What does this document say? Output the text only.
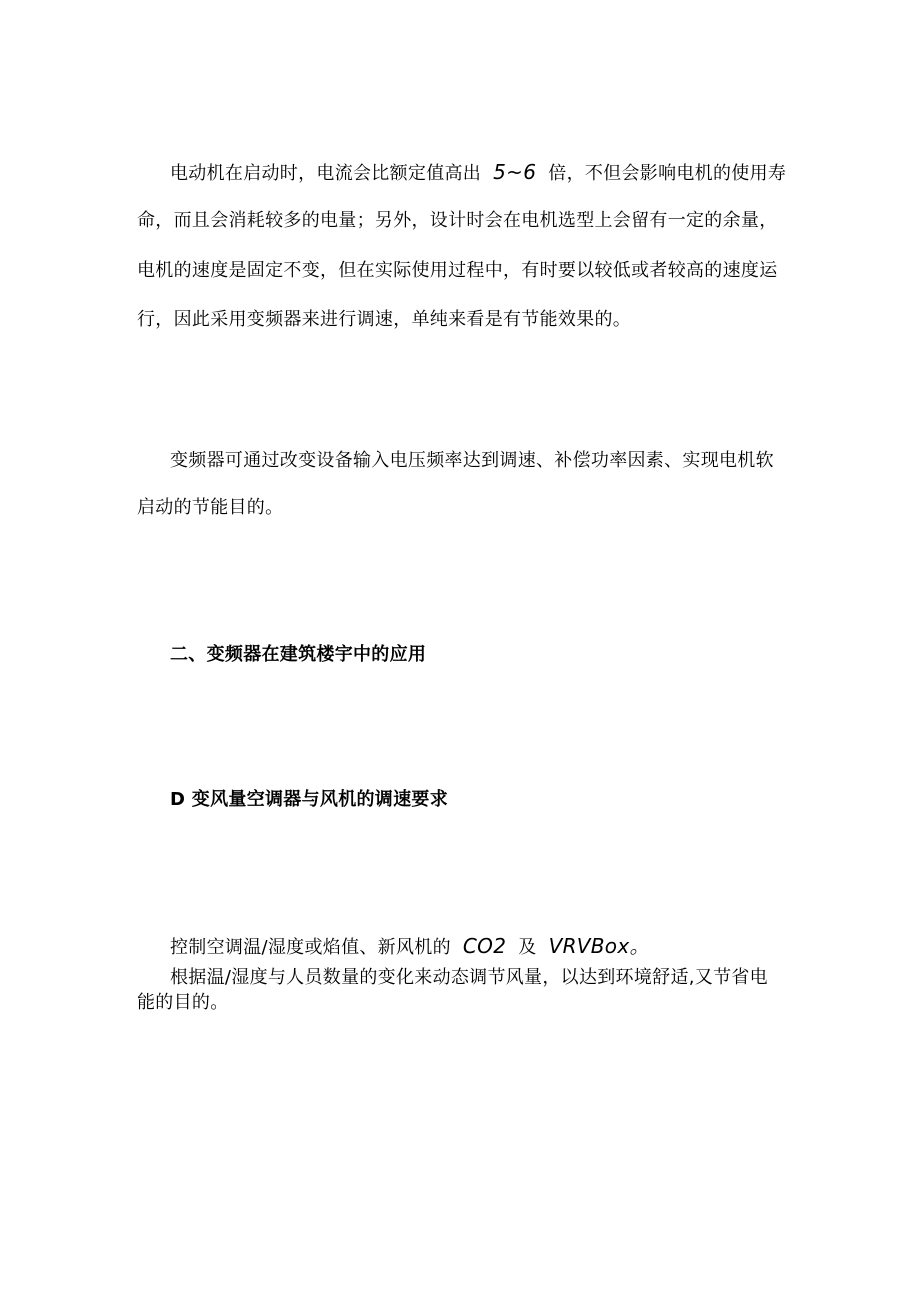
电动机在启动时，电流会比额定值高出 5~6 倍，不但会影响电机的使用寿
命，而且会消耗较多的电量；另外，设计时会在电机选型上会留有一定的余量，
电机的速度是固定不变，但在实际使用过程中，有时要以较低或者较高的速度运
行，因此采用变频器来进行调速，单纯来看是有节能效果的。
变频器可通过改变设备输入电压频率达到调速、补偿功率因素、实现电机软
启动的节能目的。
二、变频器在建筑楼宇中的应用
D 变风量空调器与风机的调速要求
控制空调温/湿度或焰值、新风机的 CO2 及 VRVBox。
根据温/湿度与人员数量的变化来动态调节风量，以达到环境舒适,又节省电
能的目的。
